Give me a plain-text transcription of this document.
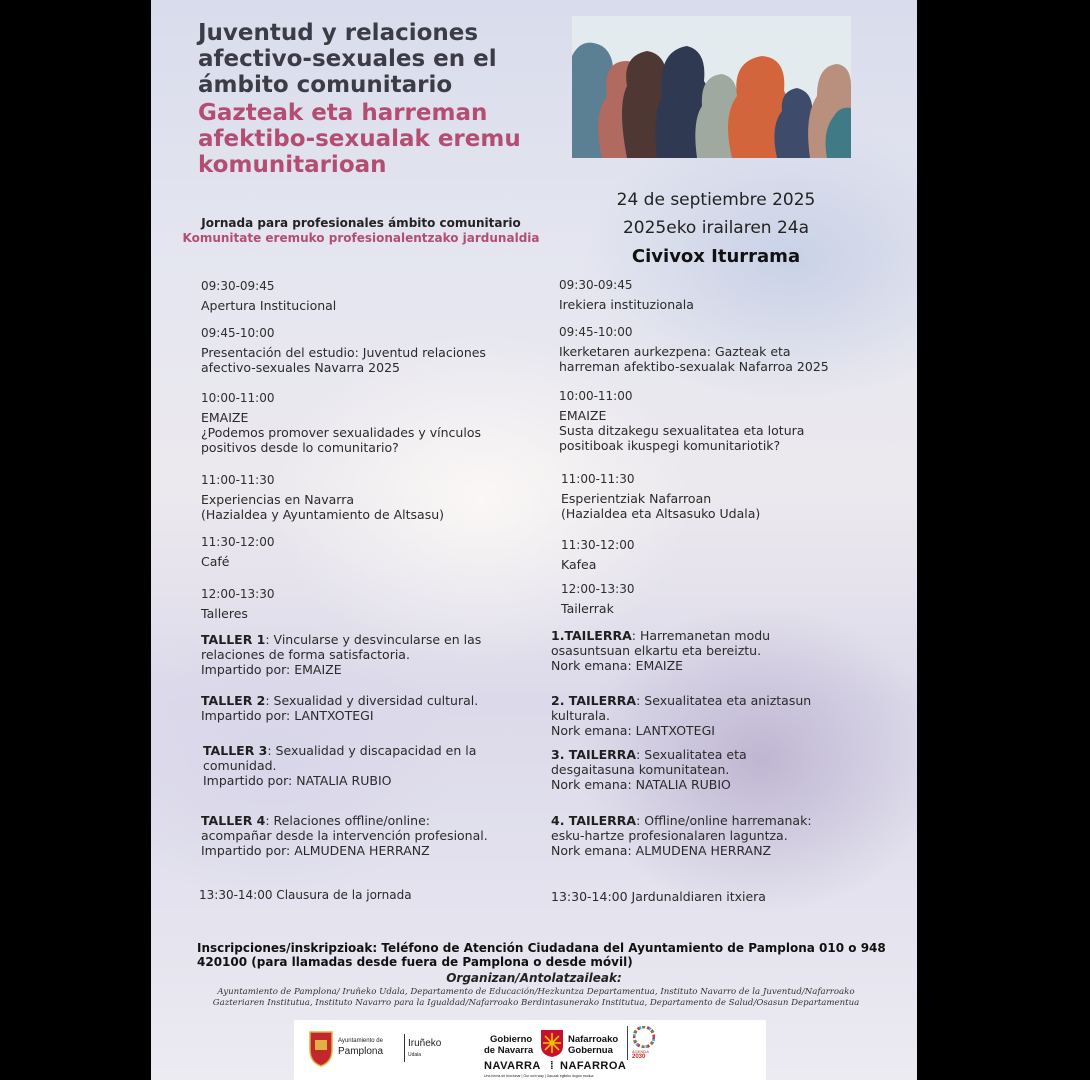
Juventud y relaciones afectivo-sexuales en el ámbito comunitario
Gazteak eta harreman afektibo-sexualak eremu komunitarioan
24 de septiembre 2025
2025eko irailaren 24a
Civivox Iturrama
Jornada para profesionales ámbito comunitario
Komunitate eremuko profesionalentzako jardunaldia
09:30-09:45
Apertura Institucional
09:45-10:00
Presentación del estudio: Juventud relaciones
afectivo-sexuales Navarra 2025
10:00-11:00
EMAIZE
¿Podemos promover sexualidades y vínculos
positivos desde lo comunitario?
11:00-11:30
Experiencias en Navarra
(Hazialdea y Ayuntamiento de Altsasu)
11:30-12:00
Café
12:00-13:30
Talleres
TALLER 1: Vincularse y desvincularse en las
relaciones de forma satisfactoria.
Impartido por: EMAIZE
TALLER 2: Sexualidad y diversidad cultural.
Impartido por: LANTXOTEGI
TALLER 3: Sexualidad y discapacidad en la
comunidad.
Impartido por: NATALIA RUBIO
TALLER 4: Relaciones offline/online:
acompañar desde la intervención profesional.
Impartido por: ALMUDENA HERRANZ
13:30-14:00 Clausura de la jornada
09:30-09:45
Irekiera instituzionala
09:45-10:00
Ikerketaren aurkezpena: Gazteak eta
harreman afektibo-sexualak Nafarroa 2025
10:00-11:00
EMAIZE
Susta ditzakegu sexualitatea eta lotura
positiboak ikuspegi komunitariotik?
11:00-11:30
Esperientziak Nafarroan
(Hazialdea eta Altsasuko Udala)
11:30-12:00
Kafea
12:00-13:30
Tailerrak
1.TAILERRA: Harremanetan modu
osasuntsuan elkartu eta bereiztu.
Nork emana: EMAIZE
2. TAILERRA: Sexualitatea eta aniztasun
kulturala.
Nork emana: LANTXOTEGI
3. TAILERRA: Sexualitatea eta
desgaitasuna komunitatean.
Nork emana: NATALIA RUBIO
4. TAILERRA: Offline/online harremanak:
esku-hartze profesionalaren laguntza.
Nork emana: ALMUDENA HERRANZ
13:30-14:00 Jardunaldiaren itxiera
Inscripciones/inskripzioak: Teléfono de Atención Ciudadana del Ayuntamiento de Pamplona 010 o 948 420100 (para llamadas desde fuera de Pamplona o desde móvil)
Organizan/Antolatzaileak:
Ayuntamiento de Pamplona/ Iruñeko Udala, Departamento de Educación/Hezkuntza Departamentua, Instituto Navarro de la Juventud/Nafarroako Gazteriaren Institutua, Instituto Navarro para la Igualdad/Nafarroako Berdintasunerako Institutua, Departamento de Salud/Osasun Departamentua
Ayuntamiento de
Pamplona
Iruñeko
Udala
Gobierno
de Navarra
Nafarroako
Gobernua	AGENDA
2030
NAVARRA ⁞ NAFARROA
Una forma de funcionar | Our own way | Gauzak egiteko dugun modua
